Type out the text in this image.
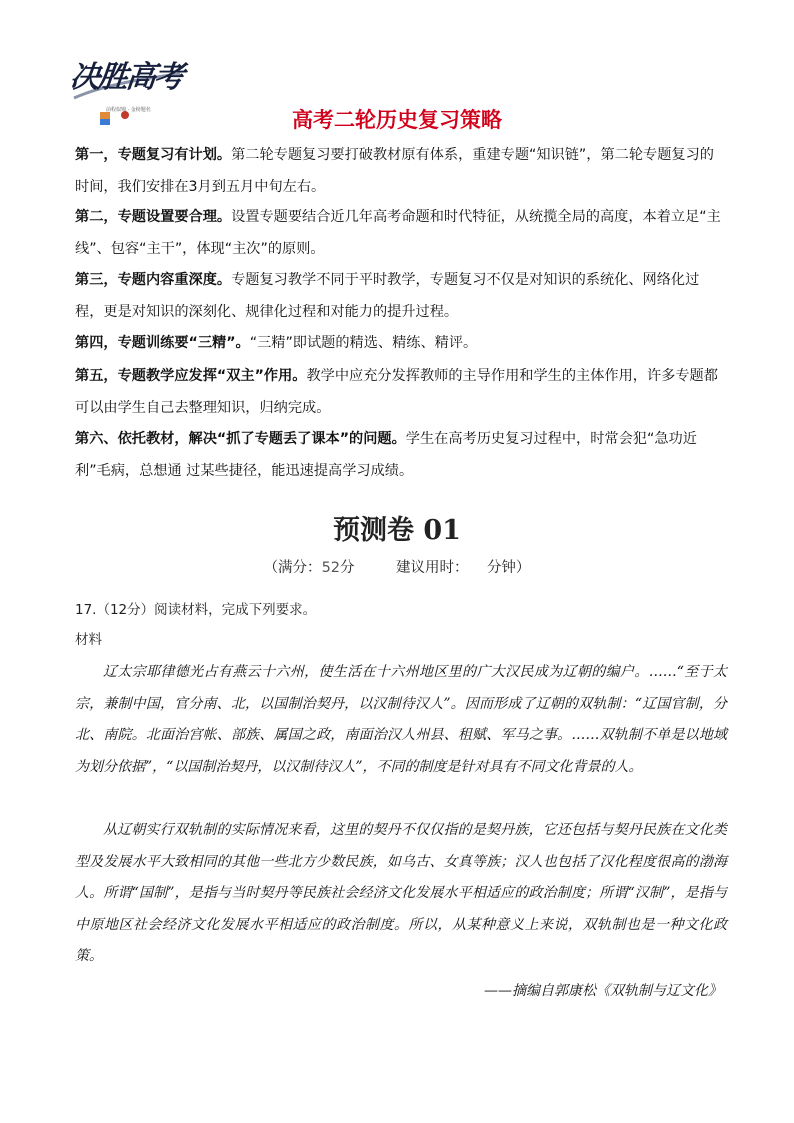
决胜高考
前程似锦 · 金榜题名	高考二轮历史复习策略

第一，专题复习有计划。第二轮专题复习要打破教材原有体系，重建专题“知识链”，第二轮专题复习的时间，我们安排在3月到五月中旬左右。

第二，专题设置要合理。设置专题要结合近几年高考命题和时代特征，从统揽全局的高度，本着立足“主线”、包容“主干”，体现“主次”的原则。

第三，专题内容重深度。专题复习教学不同于平时教学，专题复习不仅是对知识的系统化、网络化过程，更是对知识的深刻化、规律化过程和对能力的提升过程。

第四，专题训练要“三精”。“三精”即试题的精选、精练、精评。

第五，专题教学应发挥“双主”作用。教学中应充分发挥教师的主导作用和学生的主体作用，许多专题都可以由学生自己去整理知识，归纳完成。

第六、依托教材，解决“抓了专题丢了课本”的问题。学生在高考历史复习过程中，时常会犯“急功近利”毛病，总想通 过某些捷径，能迅速提高学习成绩。

预测卷 01

（满分：52分	建议用时： 分钟）

17.（12分）阅读材料，完成下列要求。

材料

辽太宗耶律德光占有燕云十六州，使生活在十六州地区里的广大汉民成为辽朝的编户。……“至于太宗，兼制中国，官分南、北，以国制治契丹，以汉制待汉人”。因而形成了辽朝的双轨制：“辽国官制，分北、南院。北面治宫帐、部族、属国之政，南面治汉人州县、租赋、军马之事。……双轨制不单是以地域为划分依据”，“以国制治契丹，以汉制待汉人”，不同的制度是针对具有不同文化背景的人。

从辽朝实行双轨制的实际情况来看，这里的契丹不仅仅指的是契丹族，它还包括与契丹民族在文化类型及发展水平大致相同的其他一些北方少数民族，如乌古、女真等族；汉人也包括了汉化程度很高的渤海人。所谓“国制”，是指与当时契丹等民族社会经济文化发展水平相适应的政治制度；所谓“汉制”，是指与中原地区社会经济文化发展水平相适应的政治制度。所以，从某种意义上来说，双轨制也是一种文化政策。

——摘编自郭康松《双轨制与辽文化》
